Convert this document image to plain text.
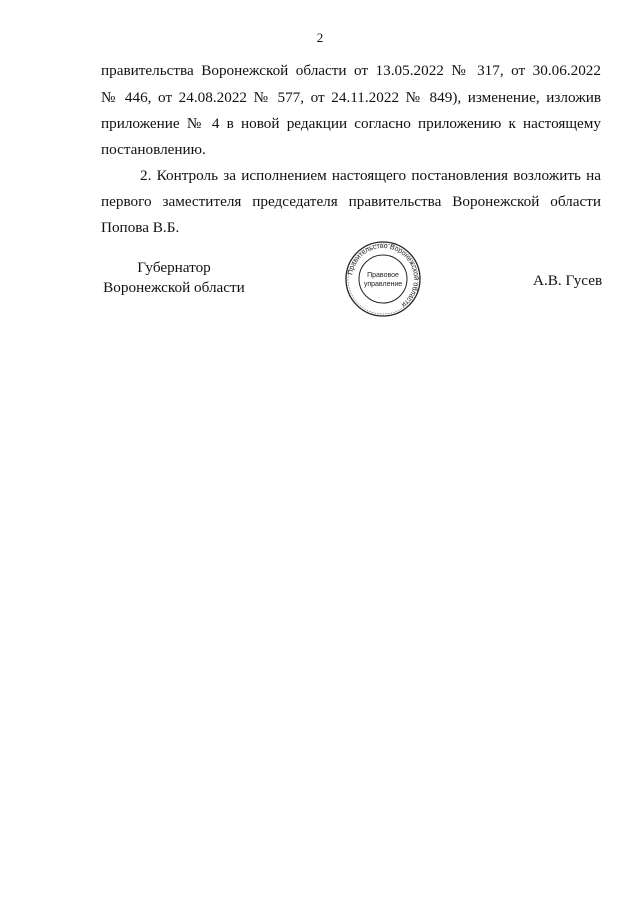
2
правительства Воронежской области от 13.05.2022 № 317, от 30.06.2022
№ 446, от 24.08.2022 № 577, от 24.11.2022 № 849), изменение, изложив
приложение № 4 в новой редакции согласно приложению к настоящему
постановлению.
2. Контроль за исполнением настоящего постановления возложить на
первого заместителя председателя правительства Воронежской области
Попова В.Б.
Губернатор
Воронежской области
Правительство Воронежской области
Правовое
управление	А.В. Гусев
